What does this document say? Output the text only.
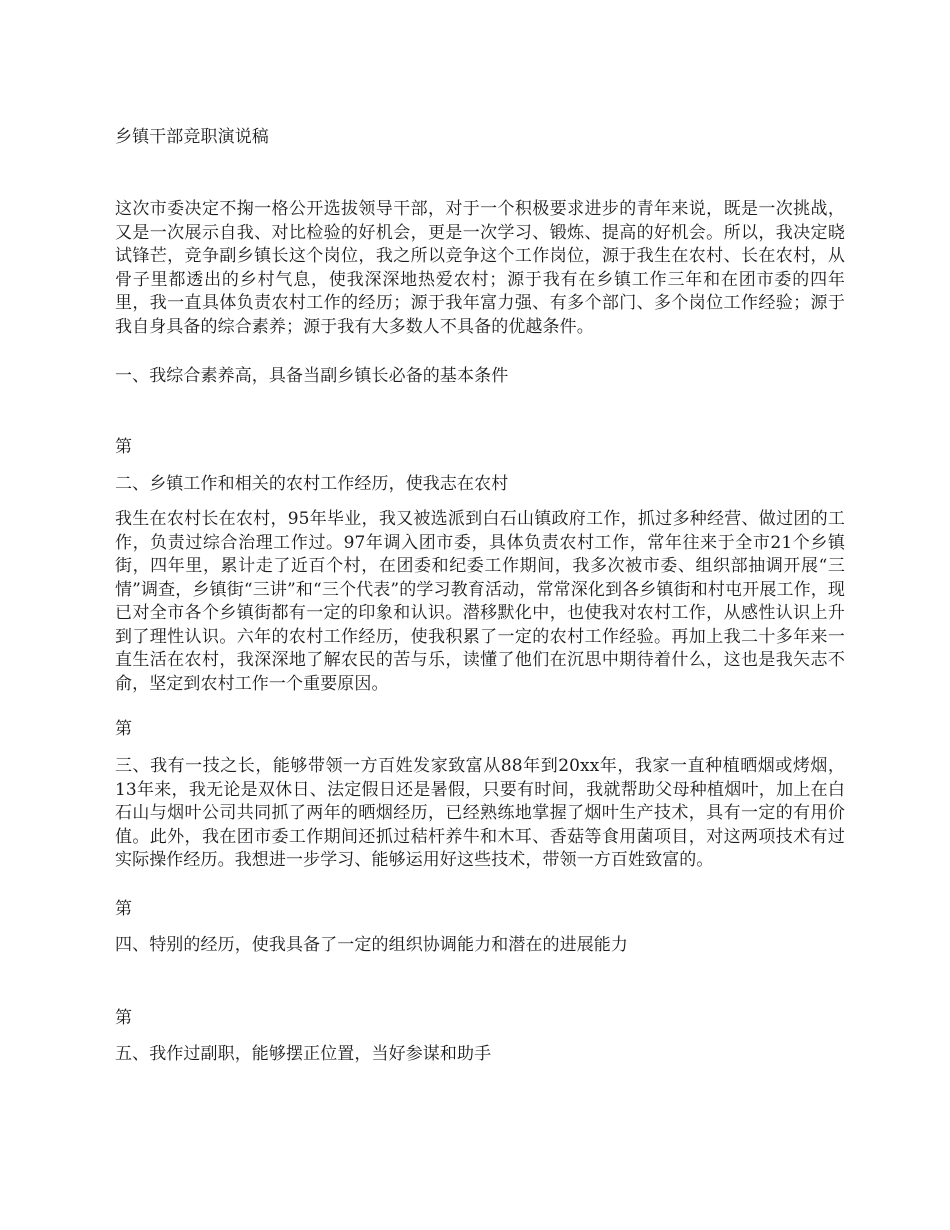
乡镇干部竞职演说稿
这次市委决定不掬一格公开选拔领导干部，对于一个积极要求进步的青年来说，既是一次挑战，又是一次展示自我、对比检验的好机会，更是一次学习、锻炼、提高的好机会。所以，我决定晓试锋芒，竞争副乡镇长这个岗位，我之所以竞争这个工作岗位，源于我生在农村、长在农村，从骨子里都透出的乡村气息，使我深深地热爱农村；源于我有在乡镇工作三年和在团市委的四年里，我一直具体负责农村工作的经历；源于我年富力强、有多个部门、多个岗位工作经验；源于我自身具备的综合素养；源于我有大多数人不具备的优越条件。
一、我综合素养高，具备当副乡镇长必备的基本条件
第
二、乡镇工作和相关的农村工作经历，使我志在农村
我生在农村长在农村，95年毕业，我又被选派到白石山镇政府工作，抓过多种经营、做过团的工作，负责过综合治理工作过。97年调入团市委，具体负责农村工作，常年往来于全市21个乡镇街，四年里，累计走了近百个村，在团委和纪委工作期间，我多次被市委、组织部抽调开展“三情”调查，乡镇街“三讲”和“三个代表”的学习教育活动，常常深化到各乡镇街和村屯开展工作，现已对全市各个乡镇街都有一定的印象和认识。潜移默化中，也使我对农村工作，从感性认识上升到了理性认识。六年的农村工作经历，使我积累了一定的农村工作经验。再加上我二十多年来一直生活在农村，我深深地了解农民的苦与乐，读懂了他们在沉思中期待着什么，这也是我矢志不俞，坚定到农村工作一个重要原因。
第
三、我有一技之长，能够带领一方百姓发家致富从88年到20xx年，我家一直种植晒烟或烤烟，13年来，我无论是双休日、法定假日还是暑假，只要有时间，我就帮助父母种植烟叶，加上在白石山与烟叶公司共同抓了两年的晒烟经历，已经熟练地掌握了烟叶生产技术，具有一定的有用价值。此外，我在团市委工作期间还抓过秸杆养牛和木耳、香菇等食用菌项目，对这两项技术有过实际操作经历。我想进一步学习、能够运用好这些技术，带领一方百姓致富的。
第
四、特别的经历，使我具备了一定的组织协调能力和潜在的进展能力
第
五、我作过副职，能够摆正位置，当好参谋和助手
